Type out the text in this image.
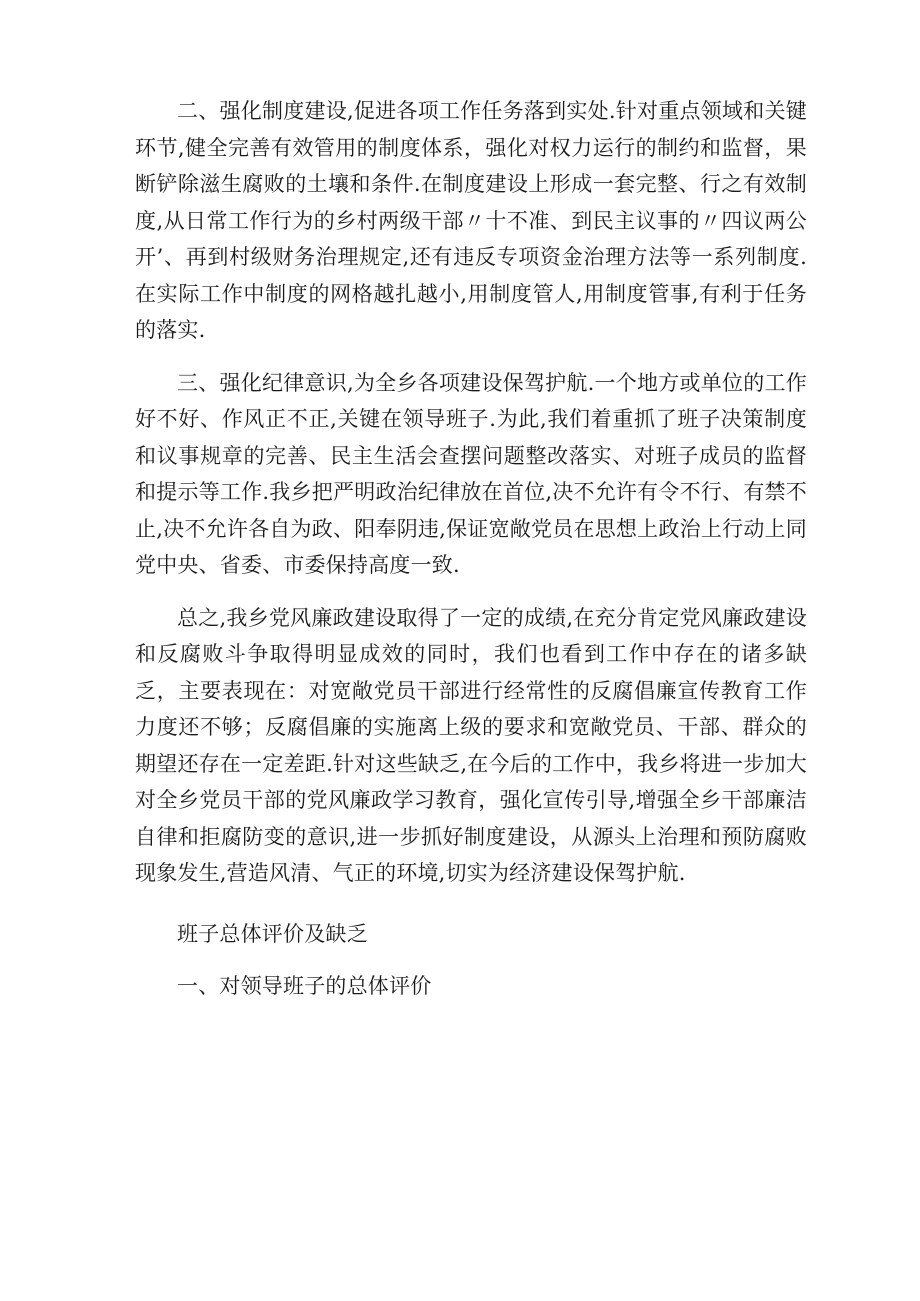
二、强化制度建设,促进各项工作任务落到实处.针对重点领域和关键环节,健全完善有效管用的制度体系，强化对权力运行的制约和监督，果断铲除滋生腐败的土壤和条件.在制度建设上形成一套完整、行之有效制度,从日常工作行为的乡村两级干部〃十不准、到民主议事的〃四议两公开’、再到村级财务治理规定,还有违反专项资金治理方法等一系列制度.在实际工作中制度的网格越扎越小,用制度管人,用制度管事,有利于任务的落实.

三、强化纪律意识,为全乡各项建设保驾护航.一个地方或单位的工作好不好、作风正不正,关键在领导班子.为此,我们着重抓了班子决策制度和议事规章的完善、民主生活会查摆问题整改落实、对班子成员的监督和提示等工作.我乡把严明政治纪律放在首位,决不允许有令不行、有禁不止,决不允许各自为政、阳奉阴违,保证宽敞党员在思想上政治上行动上同党中央、省委、市委保持高度一致.

总之,我乡党风廉政建设取得了一定的成绩,在充分肯定党风廉政建设和反腐败斗争取得明显成效的同时，我们也看到工作中存在的诸多缺乏，主要表现在：对宽敞党员干部进行经常性的反腐倡廉宣传教育工作力度还不够；反腐倡廉的实施离上级的要求和宽敞党员、干部、群众的期望还存在一定差距.针对这些缺乏,在今后的工作中，我乡将进一步加大对全乡党员干部的党风廉政学习教育，强化宣传引导,增强全乡干部廉洁自律和拒腐防变的意识,进一步抓好制度建设，从源头上治理和预防腐败现象发生,营造风清、气正的环境,切实为经济建设保驾护航.

班子总体评价及缺乏

一、对领导班子的总体评价
